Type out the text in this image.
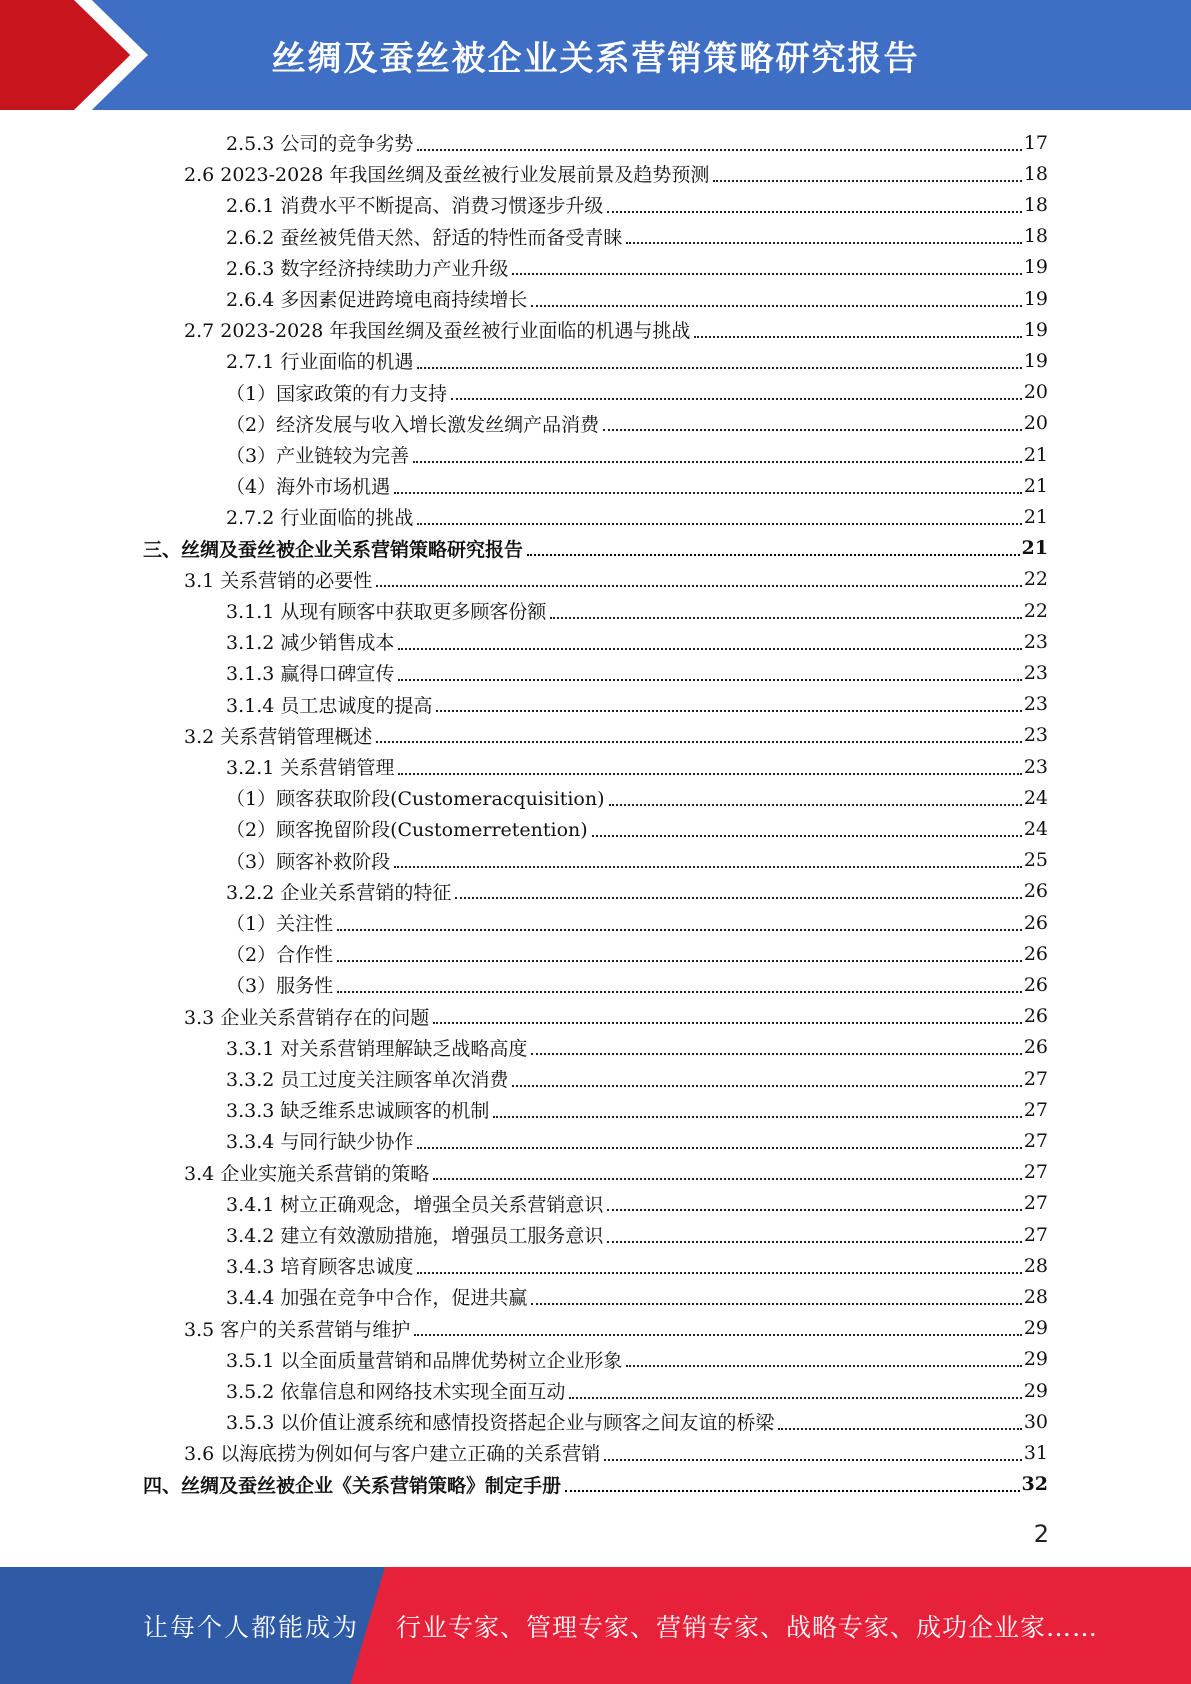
丝绸及蚕丝被企业关系营销策略研究报告
2.5.3 公司的竞争劣势	17
2.6 2023-2028 年我国丝绸及蚕丝被行业发展前景及趋势预测	18
2.6.1 消费水平不断提高、消费习惯逐步升级	18
2.6.2 蚕丝被凭借天然、舒适的特性而备受青睐	18
2.6.3 数字经济持续助力产业升级	19
2.6.4 多因素促进跨境电商持续增长	19
2.7 2023-2028 年我国丝绸及蚕丝被行业面临的机遇与挑战	19
2.7.1 行业面临的机遇	19
（1）国家政策的有力支持	20
（2）经济发展与收入增长激发丝绸产品消费	20
（3）产业链较为完善	21
（4）海外市场机遇	21
2.7.2 行业面临的挑战	21
三、丝绸及蚕丝被企业关系营销策略研究报告	21
3.1 关系营销的必要性	22
3.1.1 从现有顾客中获取更多顾客份额	22
3.1.2 减少销售成本	23
3.1.3 赢得口碑宣传	23
3.1.4 员工忠诚度的提高	23
3.2 关系营销管理概述	23
3.2.1 关系营销管理	23
（1）顾客获取阶段(Customeracquisition)	24
（2）顾客挽留阶段(Customerretention)	24
（3）顾客补救阶段	25
3.2.2 企业关系营销的特征	26
（1）关注性	26
（2）合作性	26
（3）服务性	26
3.3 企业关系营销存在的问题	26
3.3.1 对关系营销理解缺乏战略高度	26
3.3.2 员工过度关注顾客单次消费	27
3.3.3 缺乏维系忠诚顾客的机制	27
3.3.4 与同行缺少协作	27
3.4 企业实施关系营销的策略	27
3.4.1 树立正确观念，增强全员关系营销意识	27
3.4.2 建立有效激励措施，增强员工服务意识	27
3.4.3 培育顾客忠诚度	28
3.4.4 加强在竞争中合作，促进共赢	28
3.5 客户的关系营销与维护	29
3.5.1 以全面质量营销和品牌优势树立企业形象	29
3.5.2 依靠信息和网络技术实现全面互动	29
3.5.3 以价值让渡系统和感情投资搭起企业与顾客之间友谊的桥梁	30
3.6 以海底捞为例如何与客户建立正确的关系营销	31
四、丝绸及蚕丝被企业《关系营销策略》制定手册	32
2
让每个人都能成为 行业专家、管理专家、营销专家、战略专家、成功企业家……
